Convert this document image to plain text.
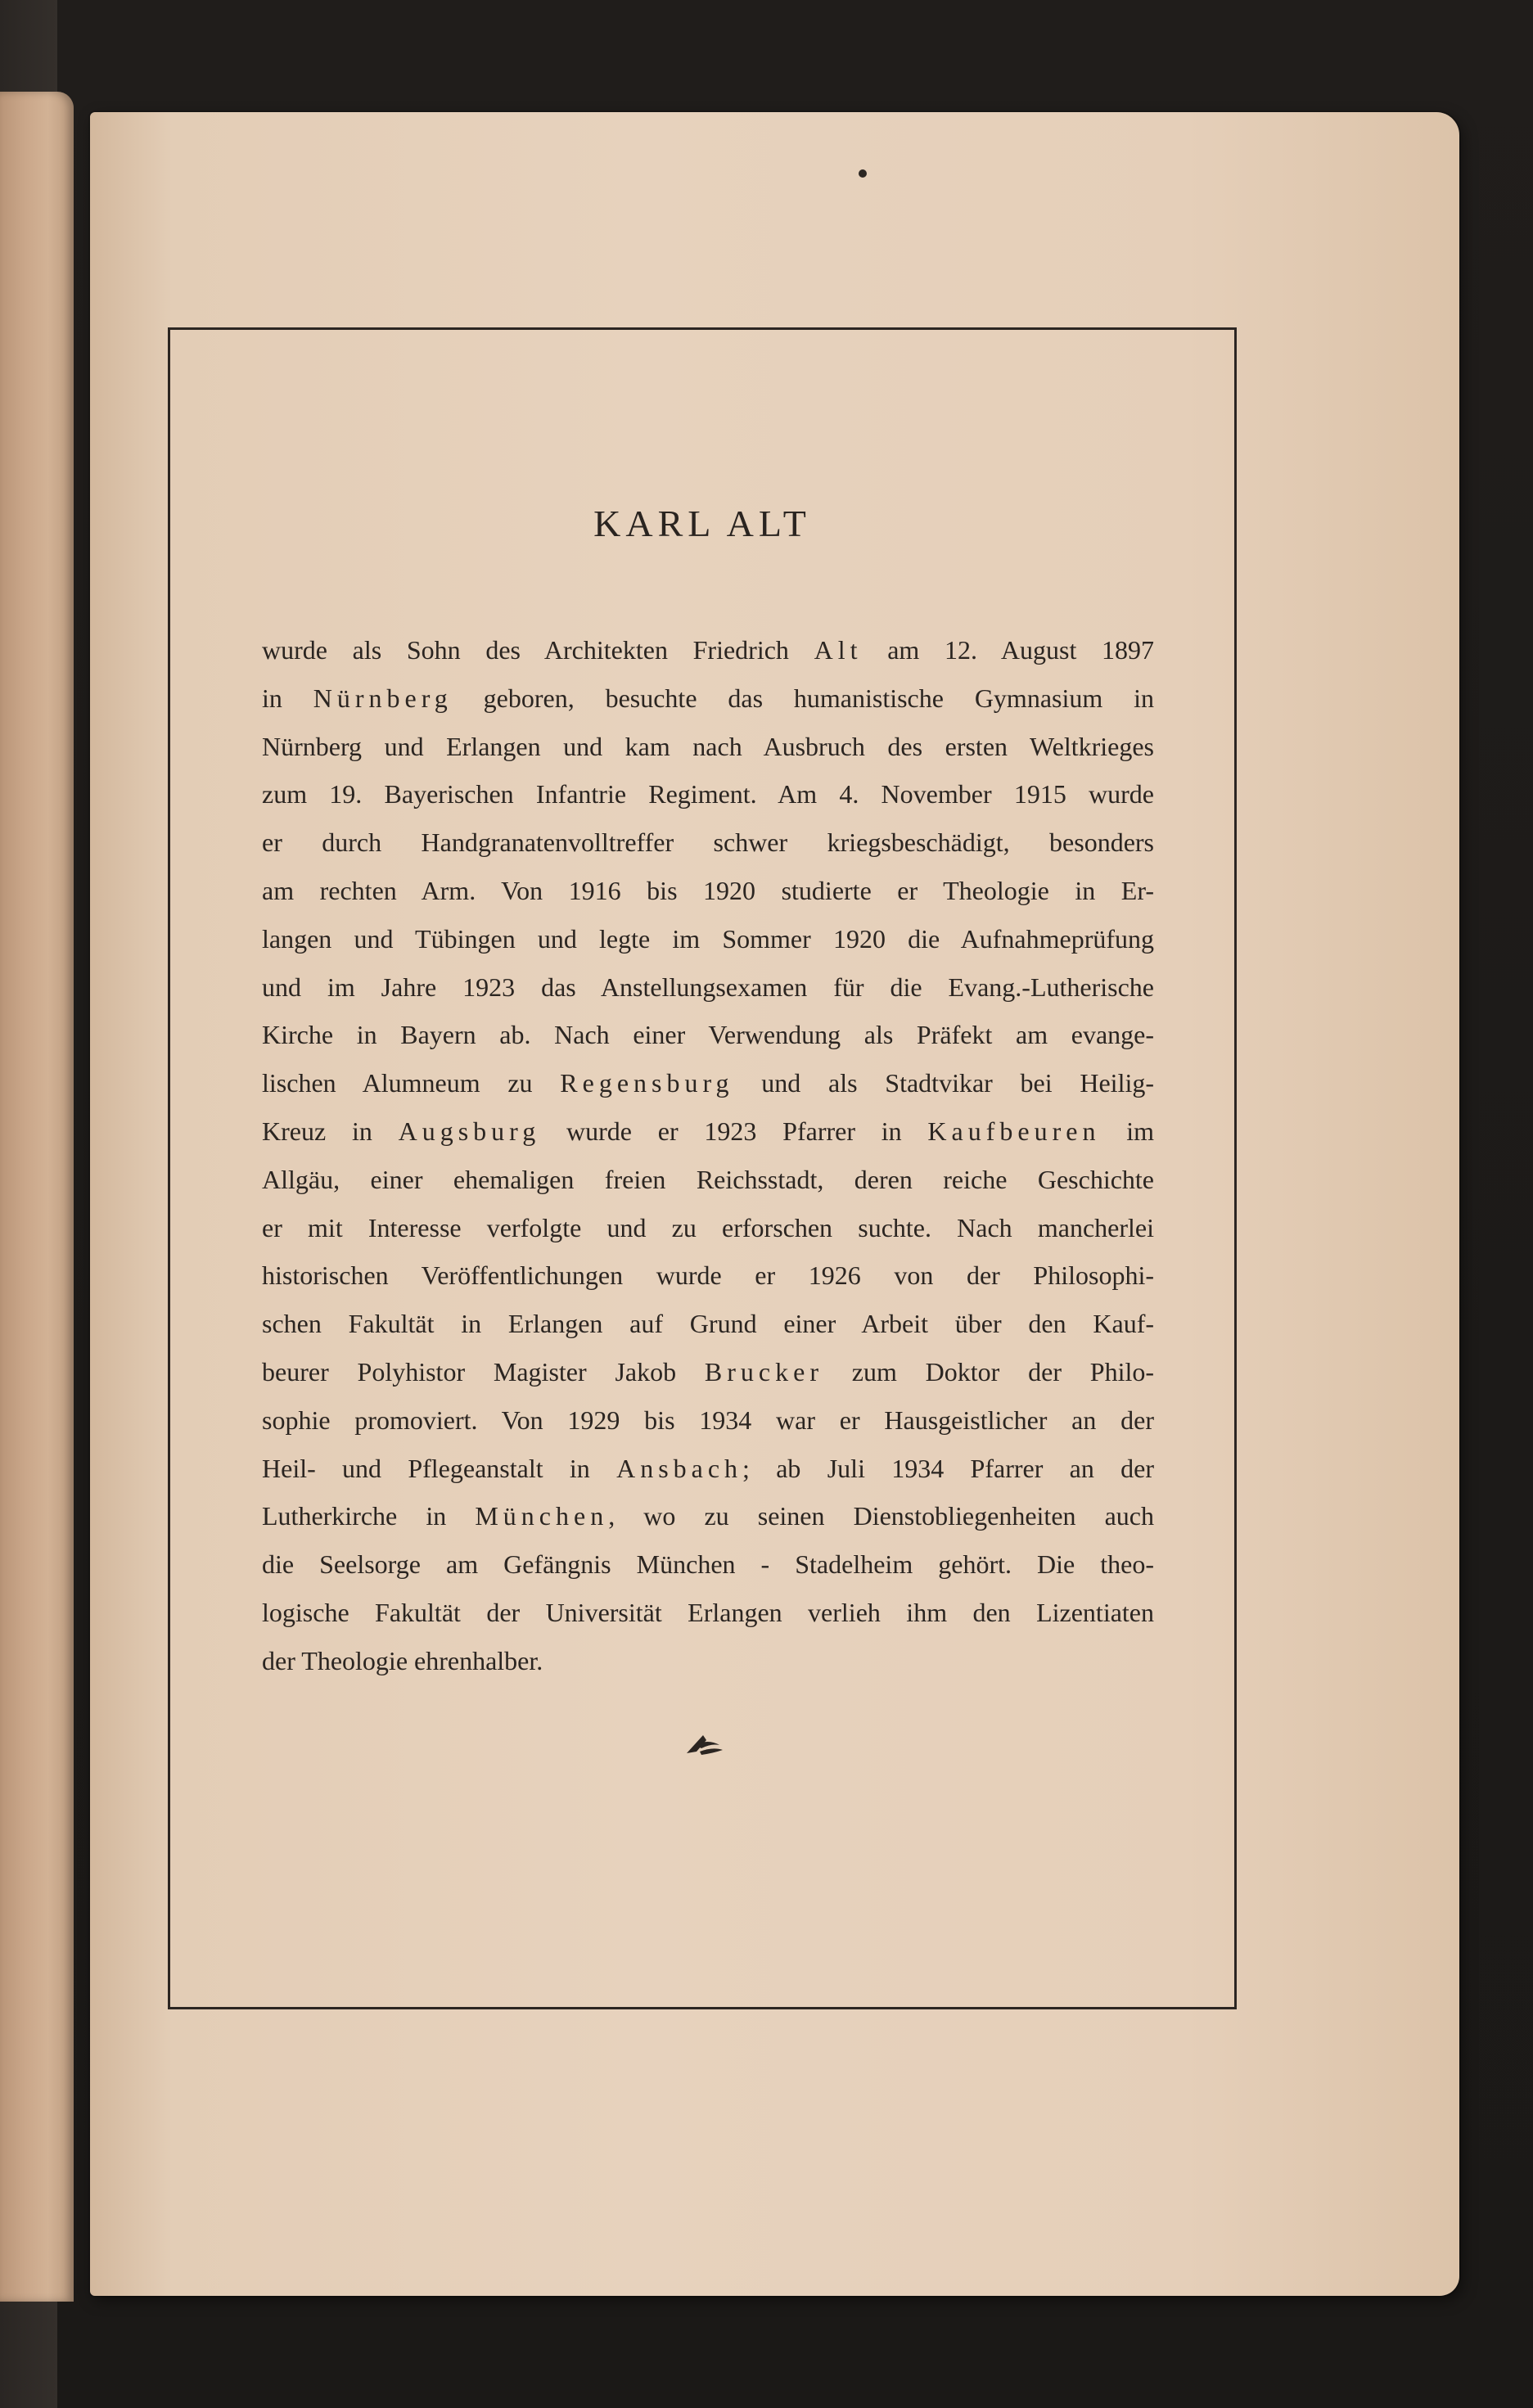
KARL ALT

wurde als Sohn des Architekten Friedrich Alt am 12. August 1897
in Nürnberg geboren, besuchte das humanistische Gymnasium in
Nürnberg und Erlangen und kam nach Ausbruch des ersten Weltkrieges
zum 19. Bayerischen Infantrie Regiment. Am 4. November 1915 wurde
er durch Handgranatenvolltreffer schwer kriegsbeschädigt, besonders
am rechten Arm. Von 1916 bis 1920 studierte er Theologie in Er-
langen und Tübingen und legte im Sommer 1920 die Aufnahmeprüfung
und im Jahre 1923 das Anstellungsexamen für die Evang.-Lutherische
Kirche in Bayern ab. Nach einer Verwendung als Präfekt am evange-
lischen Alumneum zu Regensburg und als Stadtvikar bei Heilig-
Kreuz in Augsburg wurde er 1923 Pfarrer in Kaufbeuren im
Allgäu, einer ehemaligen freien Reichsstadt, deren reiche Geschichte
er mit Interesse verfolgte und zu erforschen suchte. Nach mancherlei
historischen Veröffentlichungen wurde er 1926 von der Philosophi-
schen Fakultät in Erlangen auf Grund einer Arbeit über den Kauf-
beurer Polyhistor Magister Jakob Brucker zum Doktor der Philo-
sophie promoviert. Von 1929 bis 1934 war er Hausgeistlicher an der
Heil- und Pflegeanstalt in Ansbach; ab Juli 1934 Pfarrer an der
Lutherkirche in München, wo zu seinen Dienstobliegenheiten auch
die Seelsorge am Gefängnis München - Stadelheim gehört. Die theo-
logische Fakultät der Universität Erlangen verlieh ihm den Lizentiaten
der Theologie ehrenhalber.
